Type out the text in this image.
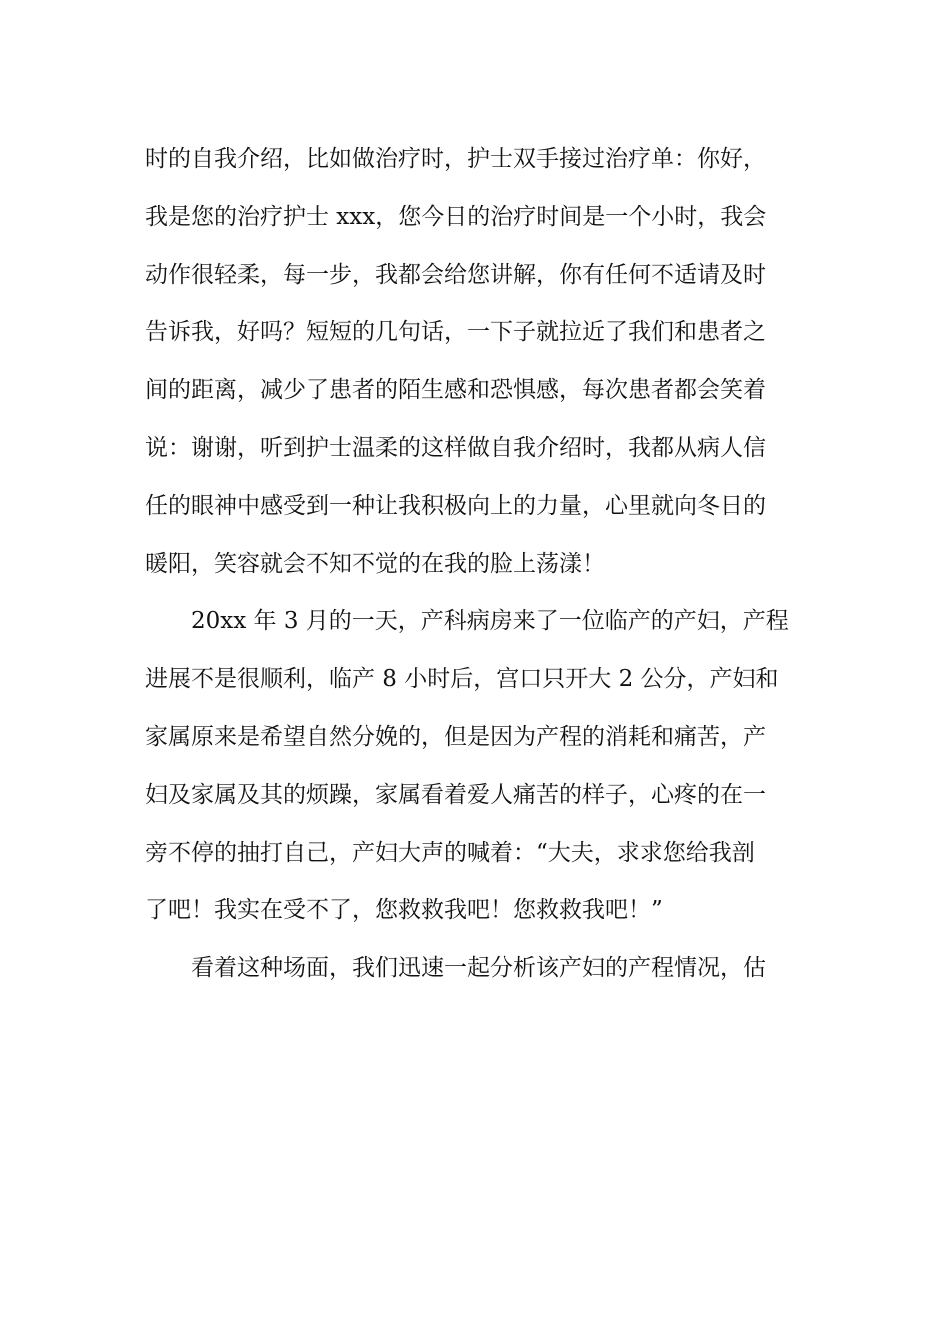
时的自我介绍，比如做治疗时，护士双手接过治疗单：你好，
我是您的治疗护士 xxx，您今日的治疗时间是一个小时，我会
动作很轻柔，每一步，我都会给您讲解，你有任何不适请及时
告诉我，好吗？短短的几句话，一下子就拉近了我们和患者之
间的距离，减少了患者的陌生感和恐惧感，每次患者都会笑着
说：谢谢，听到护士温柔的这样做自我介绍时，我都从病人信
任的眼神中感受到一种让我积极向上的力量，心里就向冬日的
暖阳，笑容就会不知不觉的在我的脸上荡漾！
20xx 年 3 月的一天，产科病房来了一位临产的产妇，产程
进展不是很顺利，临产 8 小时后，宫口只开大 2 公分，产妇和
家属原来是希望自然分娩的，但是因为产程的消耗和痛苦，产
妇及家属及其的烦躁，家属看着爱人痛苦的样子，心疼的在一
旁不停的抽打自己，产妇大声的喊着：“大夫，求求您给我剖
了吧！我实在受不了，您救救我吧！您救救我吧！”
看着这种场面，我们迅速一起分析该产妇的产程情况，估
